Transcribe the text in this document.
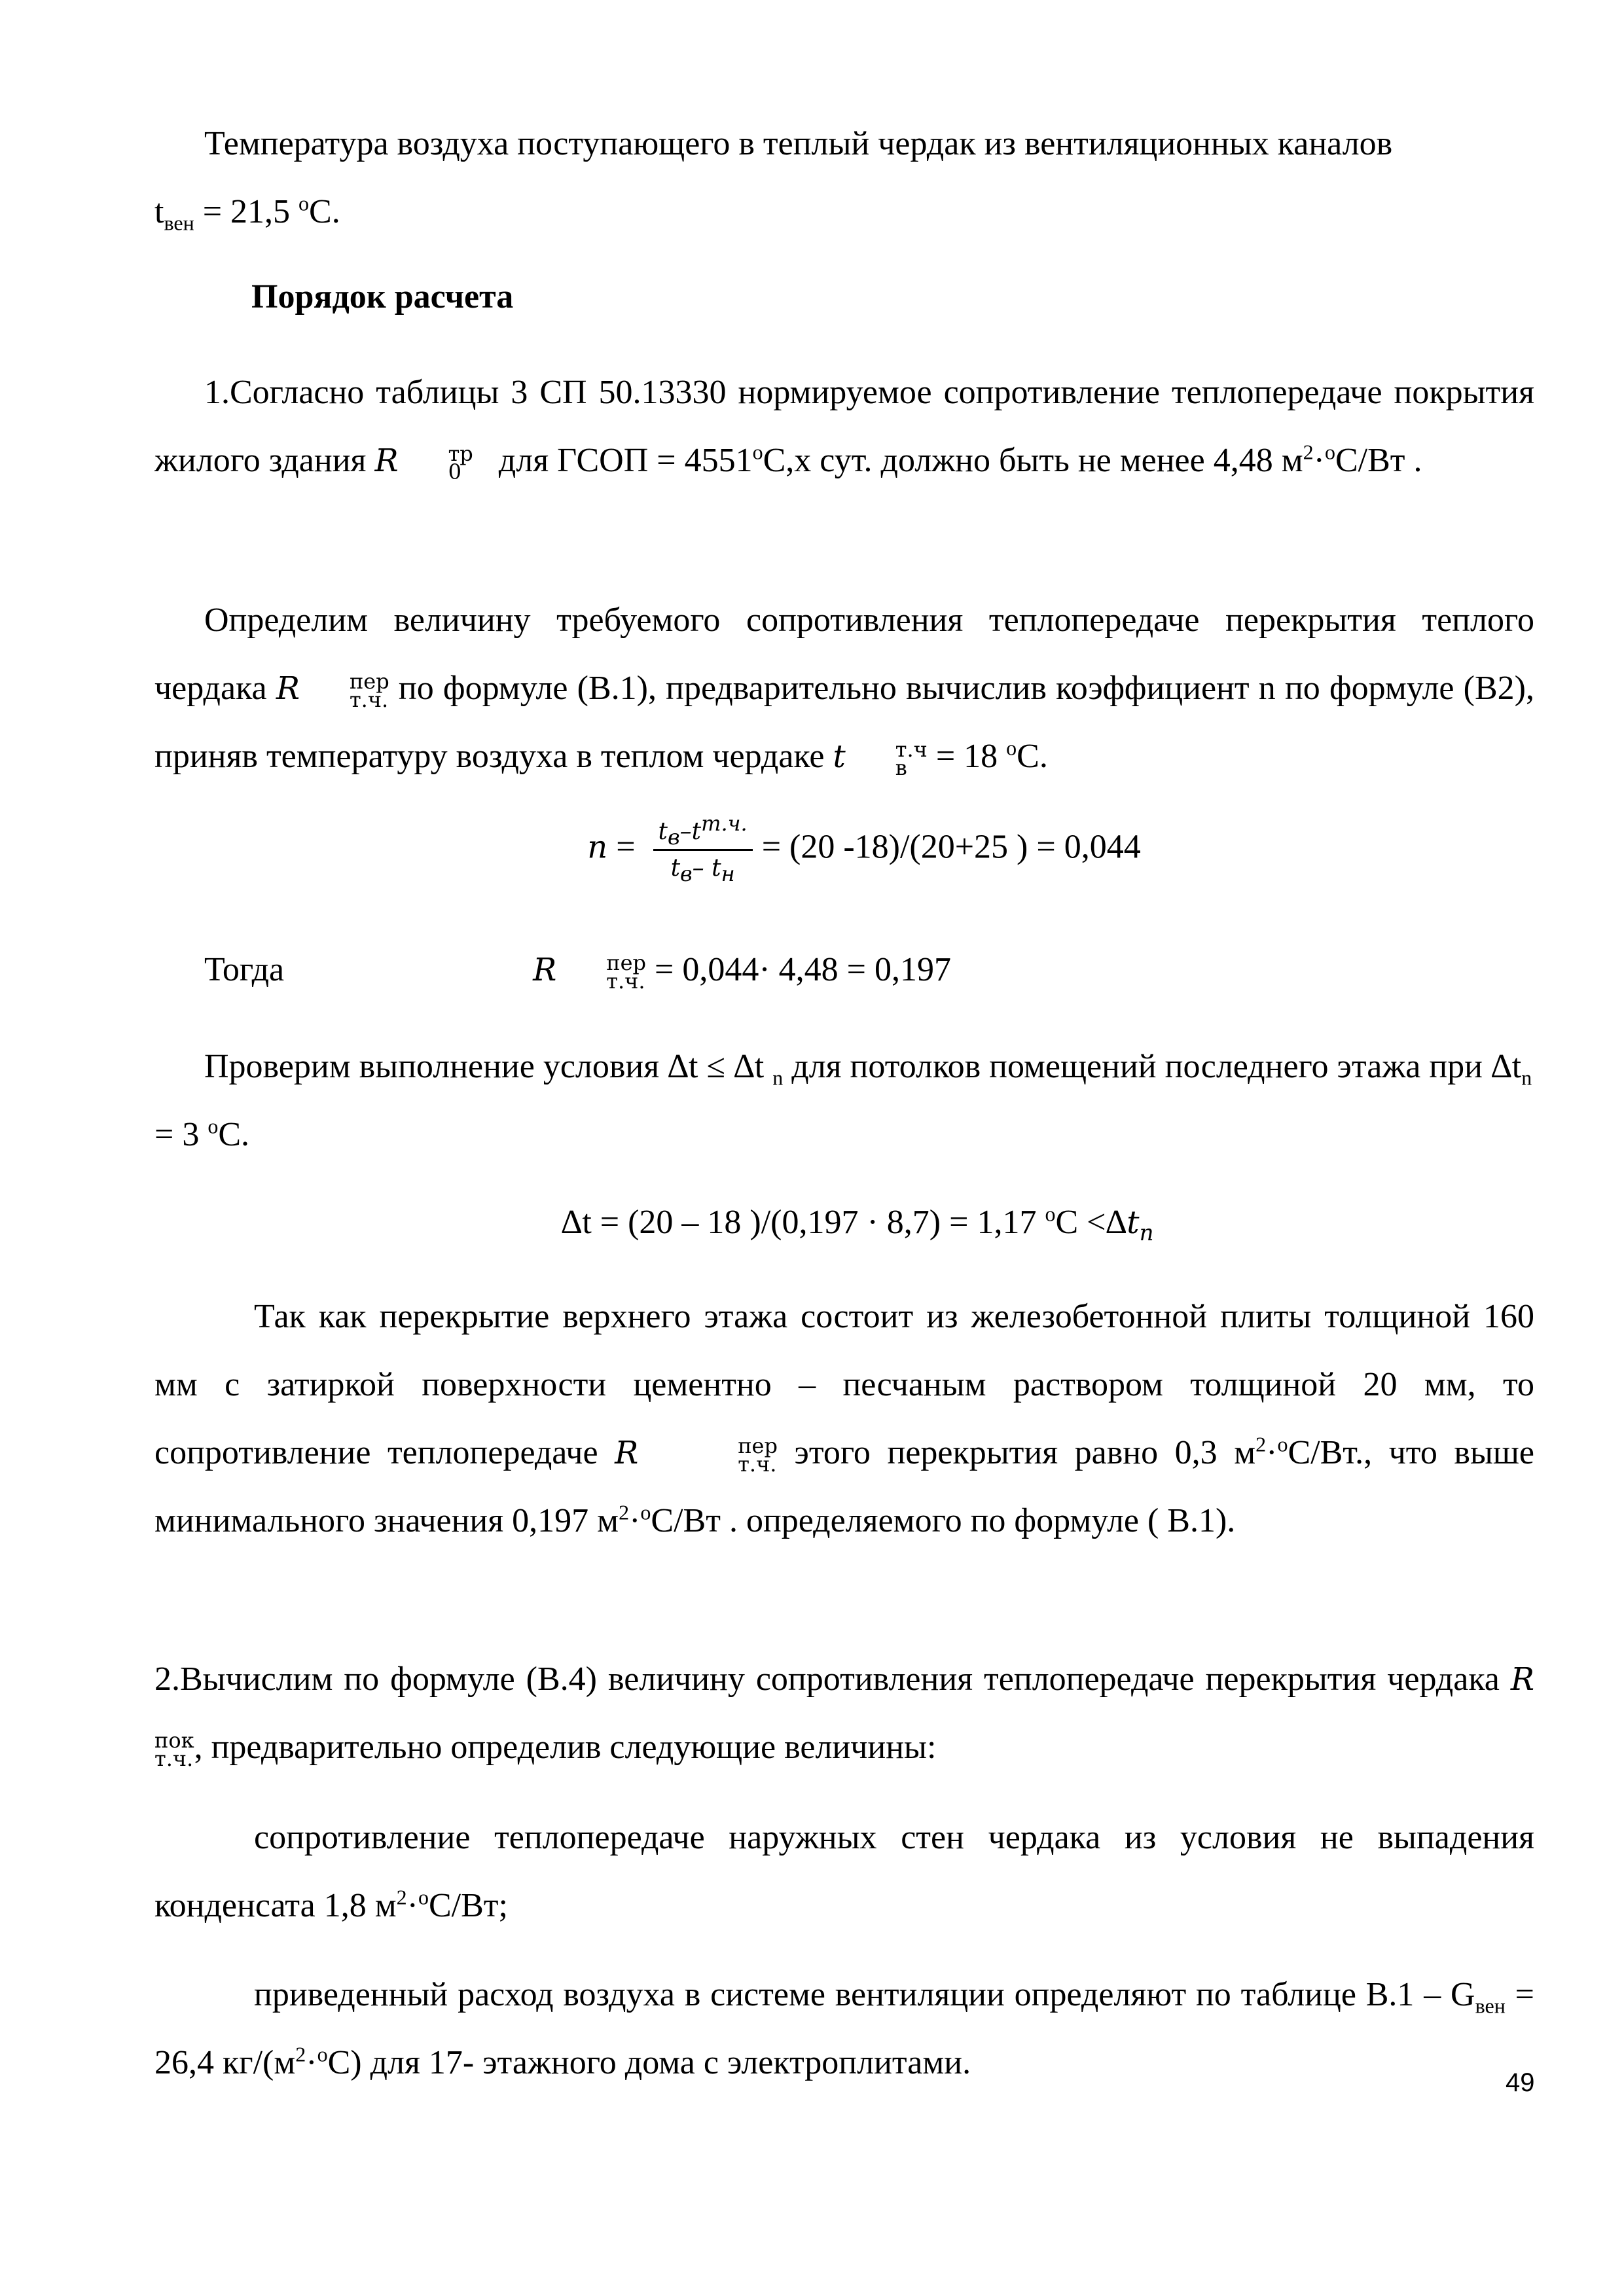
Температура воздуха поступающего в теплый чердак из вентиляционных каналов
$t_{вен} = 21,5$ $^о$С.
Порядок расчета
1.Согласно таблицы 3 СП 50.13330 нормируемое сопротивление теплопередаче покрытия жилого здания R	тр
0 для ГСОП = $4551^оС,х$ сут. должно быть не менее 4,48 $м^2\cdot^оС/Вт$ .
Определим величину требуемого сопротивления теплопередаче перекрытия теплого чердака R	пер
т.ч. по формуле (В.1), предварительно вычислив коэффициент n по формуле (В2), приняв температуру воздуха в теплом чердаке t	т.ч
в = 18 $^о$С.
$n = \frac{t_в-t^{т.ч.}}{t_в- t_н} = (20$ -18)/(20+25 ) = 0,044
Тогда	R	пер
т.ч. = 0,044· 4,48 = 0,197
Проверим выполнение условия ∆t ≤ ∆t $_n$ для потолков помещений последнего этажа при $\Delta t_n = 3$ $^о$С.
∆t = (20 – 18 )/(0,197 · 8,7) = 1,17 $^оС <\Delta t_n$
Так как перекрытие верхнего этажа состоит из железобетонной плиты толщиной 160 мм с затиркой поверхности цементно – песчаным раствором толщиной 20 мм, то сопротивление теплопередаче R	пер
т.ч. этого перекрытия равно 0,3 $м^2\cdot^оС/Вт$., что выше минимального значения 0,197 $м^2\cdot^оС/Вт$ . определяемого по формуле ( В.1).
2.Вычислим по формуле (В.4) величину сопротивления теплопередаче перекрытия чердака R
пок
т.ч. , предварительно определив следующие величины:
сопротивление теплопередаче наружных стен чердака из условия не выпадения конденсата 1,8 $м^2\cdot^оС/Вт$;
приведенный расход воздуха в системе вентиляции определяют по таблице $В.1 - G_{вен} = 26,4$ $кг/(м^2\cdot^оС)$ для 17- этажного дома с электроплитами.
49
